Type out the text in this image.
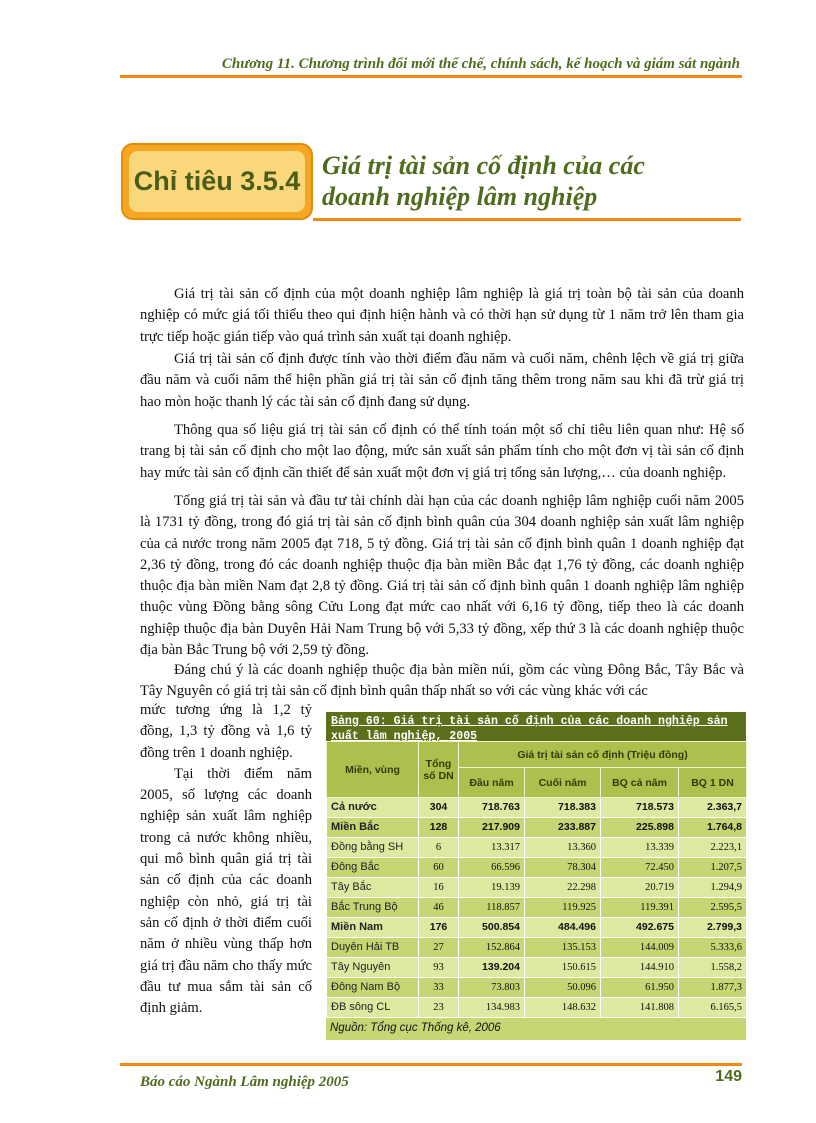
Chương 11. Chương trình đổi mới thể chế, chính sách, kế hoạch và giám sát ngành
Chỉ tiêu 3.5.4
Giá trị tài sản cố định của các
doanh nghiệp lâm nghiệp

Giá trị tài sản cố định của một doanh nghiệp lâm nghiệp là giá trị toàn bộ tài sản của doanh nghiệp có mức giá tối thiểu theo qui định hiện hành và có thời hạn sử dụng từ 1 năm trở lên tham gia trực tiếp hoặc gián tiếp vào quá trình sản xuất tại doanh nghiệp.

Giá trị tài sản cố định được tính vào thời điểm đầu năm và cuối năm, chênh lệch về giá trị giữa đầu năm và cuối năm thể hiện phần giá trị tài sản cố định tăng thêm trong năm sau khi đã trừ giá trị hao mòn hoặc thanh lý các tài sản cố định đang sử dụng.

Thông qua số liệu giá trị tài sản cố định có thể tính toán một số chỉ tiêu liên quan như: Hệ số trang bị tài sản cố định cho một lao động, mức sản xuất sản phẩm tính cho một đơn vị tài sản cố định hay mức tài sản cố định cần thiết để sản xuất một đơn vị giá trị tổng sản lượng,… của doanh nghiệp.

Tổng giá trị tài sản và đầu tư tài chính dài hạn của các doanh nghiệp lâm nghiệp cuối năm 2005 là 1731 tỷ đồng, trong đó giá trị tài sản cố định bình quân của 304 doanh nghiệp sản xuất lâm nghiệp của cả nước trong năm 2005 đạt 718, 5 tỷ đồng. Giá trị tài sản cố định bình quân 1 doanh nghiệp đạt 2,36 tỷ đồng, trong đó các doanh nghiệp thuộc địa bàn miền Bắc đạt 1,76 tỷ đồng, các doanh nghiệp thuộc địa bàn miền Nam đạt 2,8 tỷ đồng. Giá trị tài sản cố định bình quân 1 doanh nghiệp lâm nghiệp thuộc vùng Đồng bằng sông Cửu Long đạt mức cao nhất với 6,16 tỷ đồng, tiếp theo là các doanh nghiệp thuộc địa bàn Duyên Hải Nam Trung bộ với 5,33 tỷ đồng, xếp thứ 3 là các doanh nghiệp thuộc địa bàn Bắc Trung bộ với 2,59 tỷ đồng.

Đáng chú ý là các doanh nghiệp thuộc địa bàn miền núi, gồm các vùng Đông Bắc, Tây Bắc và Tây Nguyên có giá trị tài sản cố định bình quân thấp nhất so với các vùng khác với các

mức tương ứng là 1,2 tỷ đồng, 1,3 tỷ đồng và 1,6 tỷ đồng trên 1 doanh nghiệp.

Tại thời điểm năm 2005, số lượng các doanh nghiệp sản xuất lâm nghiệp trong cả nước không nhiều, qui mô bình quân giá trị tài sản cố định của các doanh nghiệp còn nhỏ, giá trị tài sản cố định ở thời điểm cuối năm ở nhiều vùng thấp hơn giá trị đầu năm cho thấy mức đầu tư mua sắm tài sản cố định giảm.

Bảng 60: Giá trị tài sản cố định của các doanh nghiệp sản
xuất lâm nghiệp, 2005
Miền, vùng	Tổng số DN	Giá trị tài sản cố định (Triệu đồng)			
		Đầu năm	Cuối năm	BQ cả năm	BQ 1 DN
Cả nước	304	718.763	718.383	718.573	2.363,7
Miền Bắc	128	217.909	233.887	225.898	1.764,8
Đồng bằng SH	6	13.317	13.360	13.339	2.223,1
Đông Bắc	60	66.596	78.304	72.450	1.207,5
Tây Bắc	16	19.139	22.298	20.719	1.294,9
Bắc Trung Bộ	46	118.857	119.925	119.391	2.595,5
Miền Nam	176	500.854	484.496	492.675	2.799,3
Duyên Hải TB	27	152.864	135.153	144.009	5.333,6
Tây Nguyên	93	139.204	150.615	144.910	1.558,2
Đông Nam Bộ	33	73.803	50.096	61.950	1.877,3
ĐB sông CL	23	134.983	148.632	141.808	6.165,5
Nguồn: Tổng cục Thống kê, 2006
Báo cáo Ngành Lâm nghiệp 2005	149
